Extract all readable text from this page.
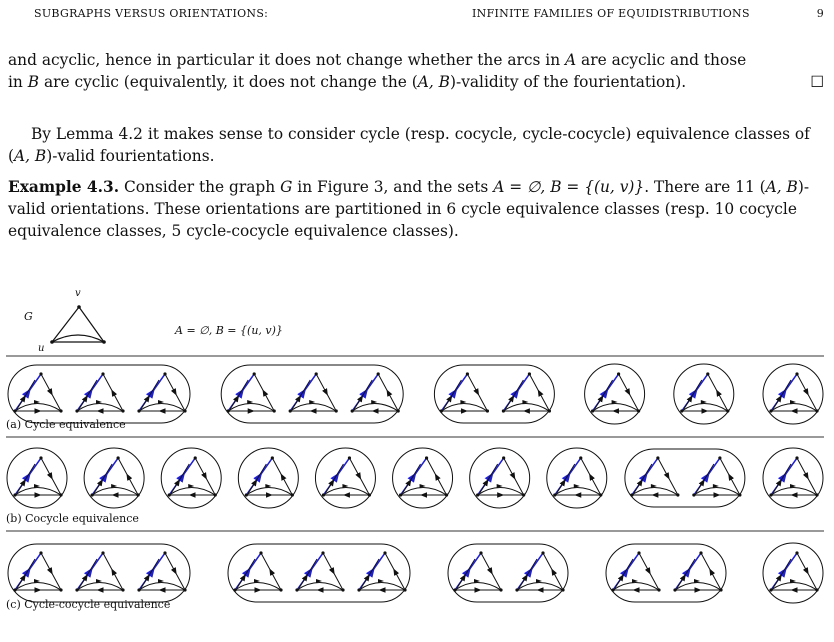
SUBGRAPHS VERSUS ORIENTATIONS:	INFINITE FAMILIES OF EQUIDISTRIBUTIONS	9
and acyclic, hence in particular it does not change whether the arcs in A are acyclic and those
in B are cyclic (equivalently, it does not change the (A, B)-validity of the fourientation).	☐
By Lemma 4.2 it makes sense to consider cycle (resp. cocycle, cycle-cocycle) equivalence classes of (A, B)-valid fourientations.
Example 4.3. Consider the graph G in Figure 3, and the sets A = ∅, B = {(u, v)}. There are 11 (A, B)-valid orientations. These orientations are partitioned in 6 cycle equivalence classes (resp. 10 cocycle equivalence classes, 5 cycle-cocycle equivalence classes).
G
v
u
A = ∅, B = {(u, v)}
(a) Cycle equivalence
(b) Cocycle equivalence
(c) Cycle-cocycle equivalence
